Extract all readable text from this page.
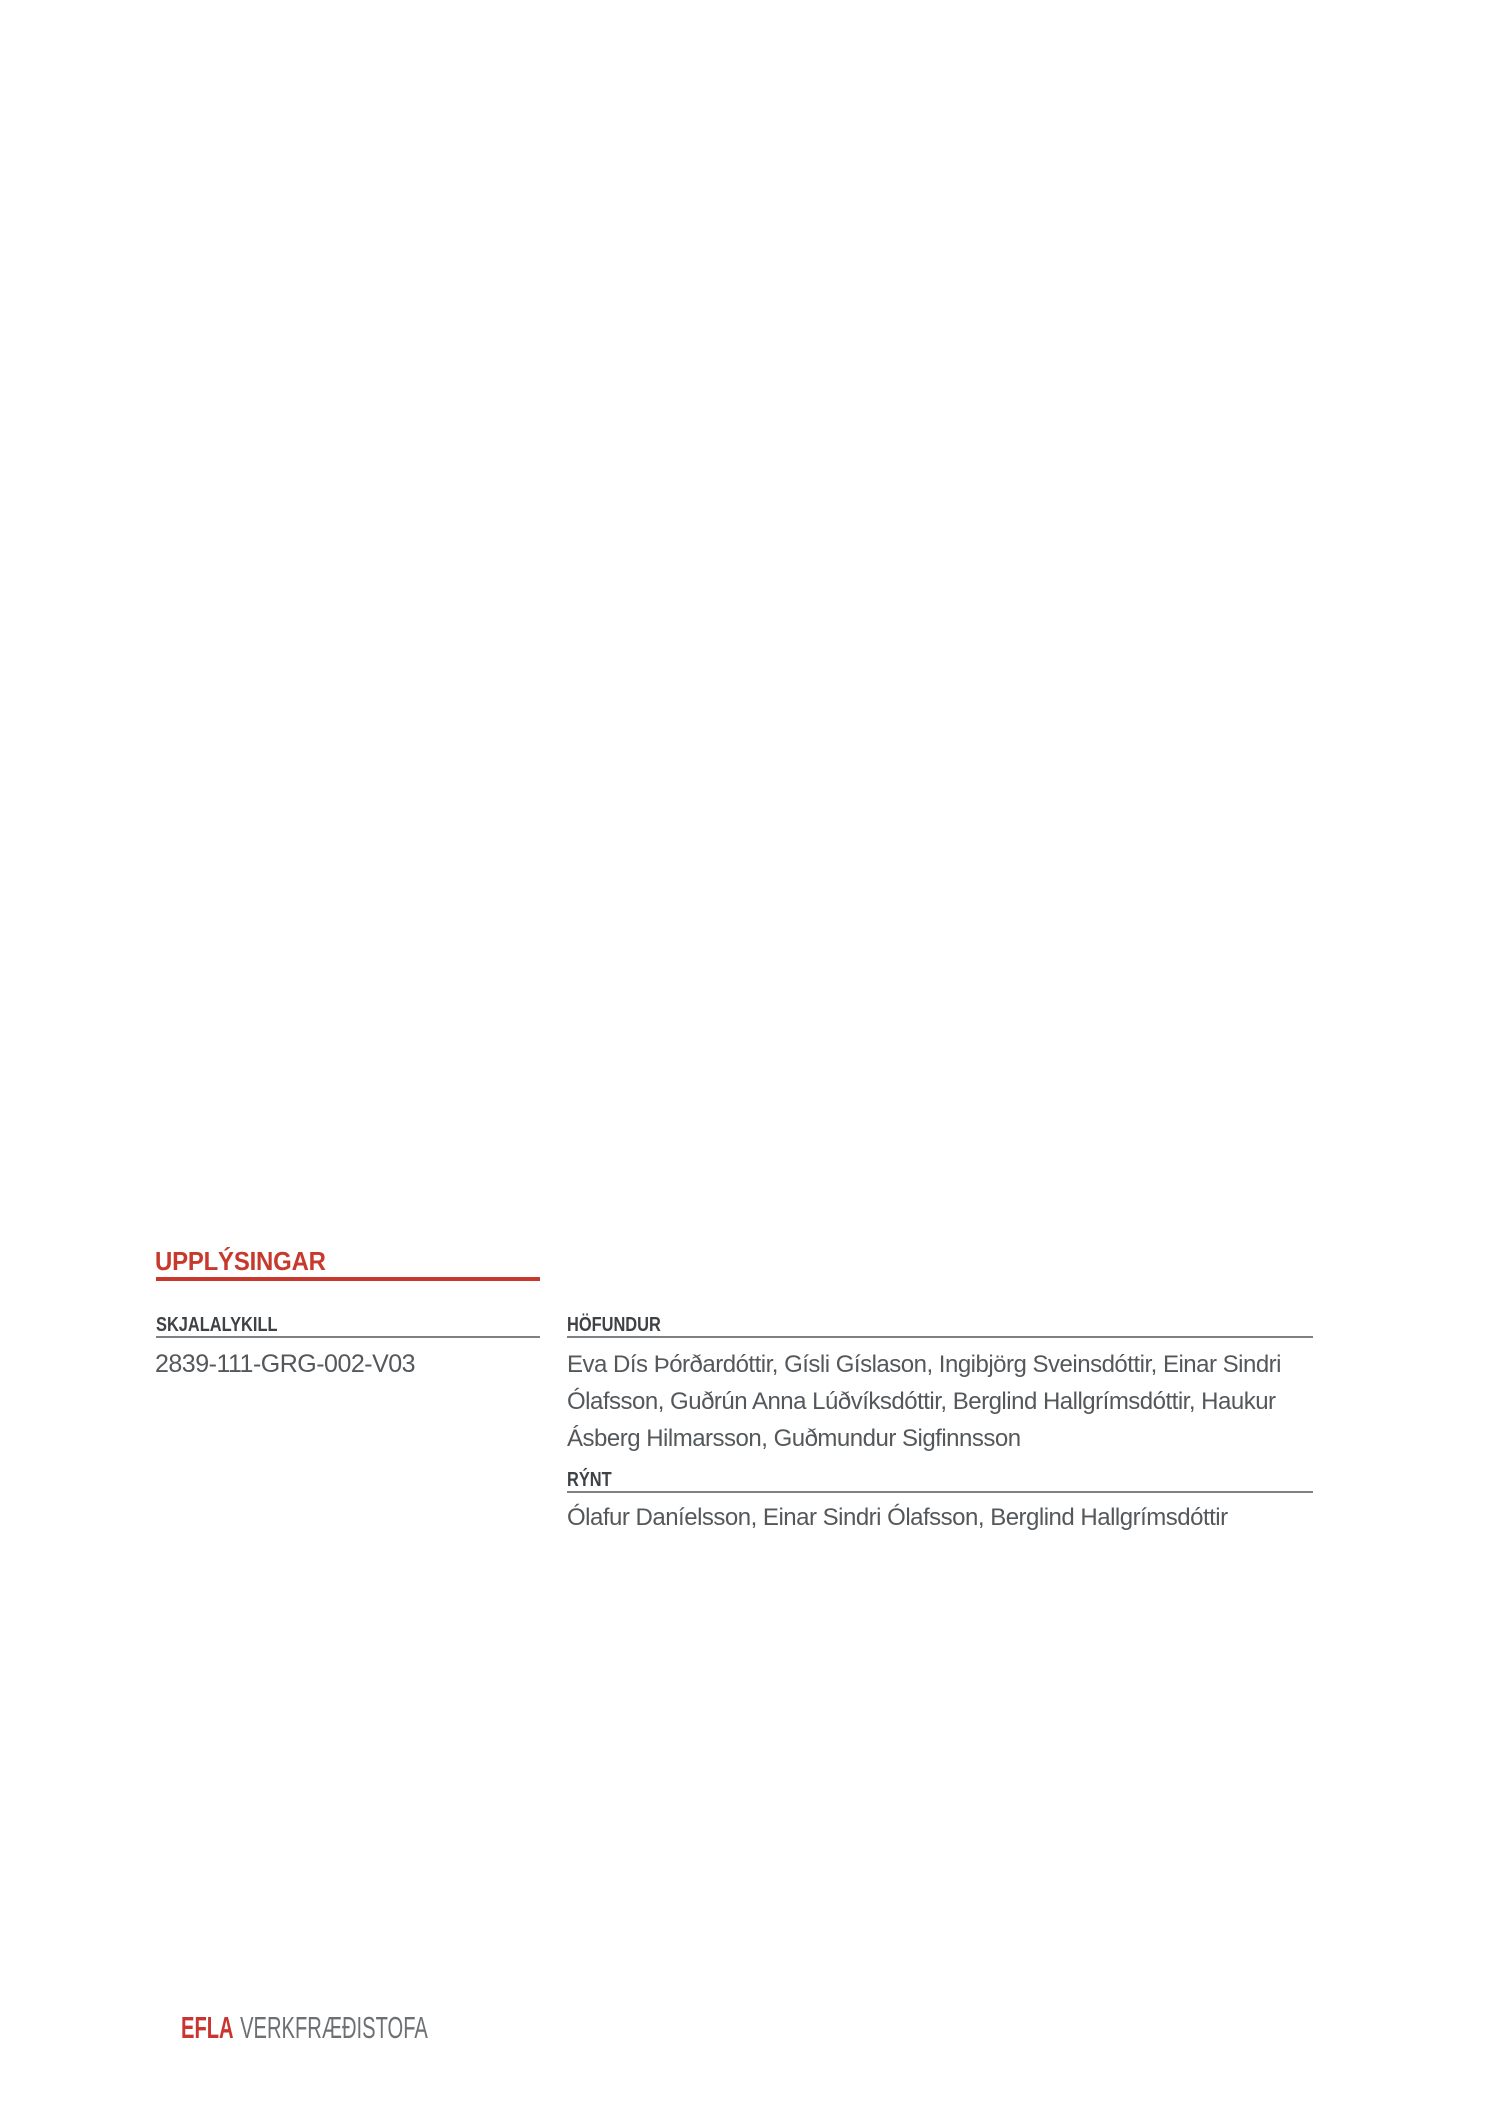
UPPLÝSINGAR
SKJALALYKILL
2839-111-GRG-002-V03
HÖFUNDUR
Eva Dís Þórðardóttir, Gísli Gíslason, Ingibjörg Sveinsdóttir, Einar Sindri
Ólafsson, Guðrún Anna Lúðvíksdóttir, Berglind Hallgrímsdóttir, Haukur
Ásberg Hilmarsson, Guðmundur Sigfinnsson
RÝNT
Ólafur Daníelsson, Einar Sindri Ólafsson, Berglind Hallgrímsdóttir
EFLA VERKFRÆÐISTOFA
